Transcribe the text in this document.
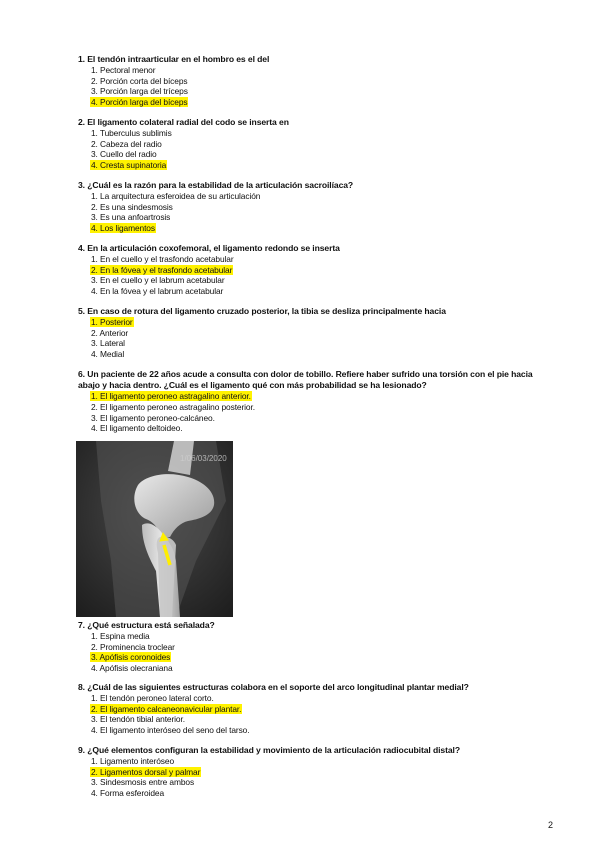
1. El tendón intraarticular en el hombro es el del
1. Pectoral menor
2. Porción corta del bíceps
3. Porción larga del tríceps
4. Porción larga del bíceps
2. El ligamento colateral radial del codo se inserta en
1. Tuberculus sublimis
2. Cabeza del radio
3. Cuello del radio
4. Cresta supinatoria
3. ¿Cuál es la razón para la estabilidad de la articulación sacroilíaca?
1. La arquitectura esferoidea de su articulación
2. Es una sindesmosis
3. Es una anfoartrosis
4. Los ligamentos
4. En la articulación coxofemoral, el ligamento redondo se inserta
1. En el cuello y el trasfondo acetabular
2. En la fóvea y el trasfondo acetabular
3. En el cuello y el labrum acetabular
4. En la fóvea y el labrum acetabular
5. En caso de rotura del ligamento cruzado posterior, la tibia se desliza principalmente hacia
1. Posterior
2. Anterior
3. Lateral
4. Medial
6. Un paciente de 22 años acude a consulta con dolor de tobillo. Refiere haber sufrido una torsión con el pie hacia abajo y hacia dentro. ¿Cuál es el ligamento qué con más probabilidad se ha lesionado?
1. El ligamento peroneo astragalino anterior.
2. El ligamento peroneo astragalino posterior.
3. El ligamento peroneo-calcáneo.
4. El ligamento deltoideo.
1/06/03/2020
7. ¿Qué estructura está señalada?
1. Espina media
2. Prominencia troclear
3. Apófisis coronoides
4. Apófisis olecraniana
8. ¿Cuál de las siguientes estructuras colabora en el soporte del arco longitudinal plantar medial?
1. El tendón peroneo lateral corto.
2. El ligamento calcaneonavicular plantar.
3. El tendón tibial anterior.
4. El ligamento interóseo del seno del tarso.
9. ¿Qué elementos configuran la estabilidad y movimiento de la articulación radiocubital distal?
1. Ligamento interóseo
2. Ligamentos dorsal y palmar
3. Sindesmosis entre ambos
4. Forma esferoidea
2
